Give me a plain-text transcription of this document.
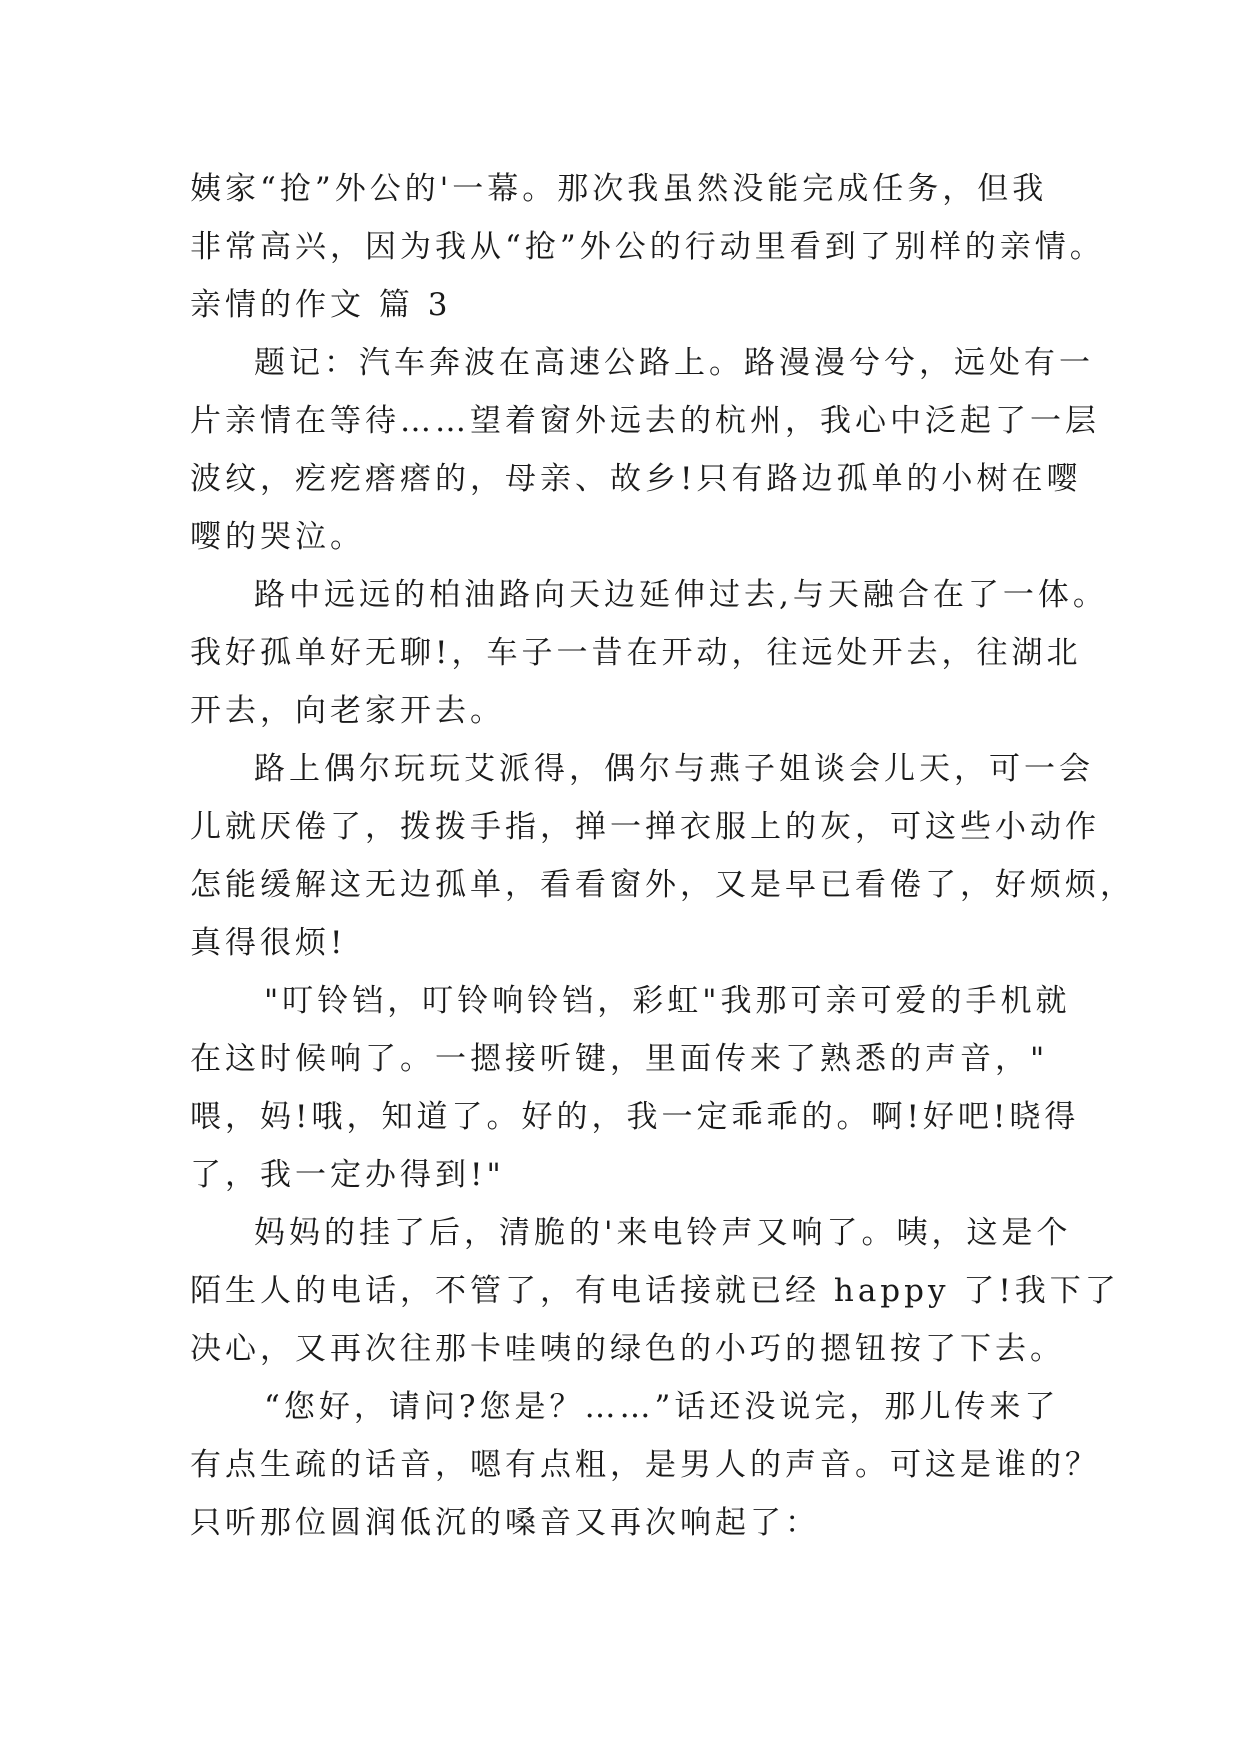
姨家“抢”外公的'一幕。那次我虽然没能完成任务，但我
非常高兴，因为我从“抢”外公的行动里看到了别样的亲情。
亲情的作文 篇 3
题记：汽车奔波在高速公路上。路漫漫兮兮，远处有一
片亲情在等待……望着窗外远去的杭州，我心中泛起了一层
波纹，疙疙瘩瘩的，母亲、故乡!只有路边孤单的小树在嘤
嘤的哭泣。
路中远远的柏油路向天边延伸过去,与天融合在了一体。
我好孤单好无聊!，车子一昔在开动，往远处开去，往湖北
开去，向老家开去。
路上偶尔玩玩艾派得，偶尔与燕子姐谈会儿天，可一会
儿就厌倦了，拨拨手指，掸一掸衣服上的灰，可这些小动作
怎能缓解这无边孤单，看看窗外，又是早已看倦了，好烦烦，
真得很烦!
"叮铃铛，叮铃响铃铛，彩虹"我那可亲可爱的手机就
在这时候响了。一摁接听键，里面传来了熟悉的声音，"
喂，妈!哦，知道了。好的，我一定乖乖的。啊!好吧!晓得
了，我一定办得到!"
妈妈的挂了后，清脆的'来电铃声又响了。咦，这是个
陌生人的电话，不管了，有电话接就已经 happy 了!我下了
决心，又再次往那卡哇咦的绿色的小巧的摁钮按了下去。
“您好，请问?您是？……”话还没说完，那儿传来了
有点生疏的话音，嗯有点粗，是男人的声音。可这是谁的？
只听那位圆润低沉的嗓音又再次响起了：
